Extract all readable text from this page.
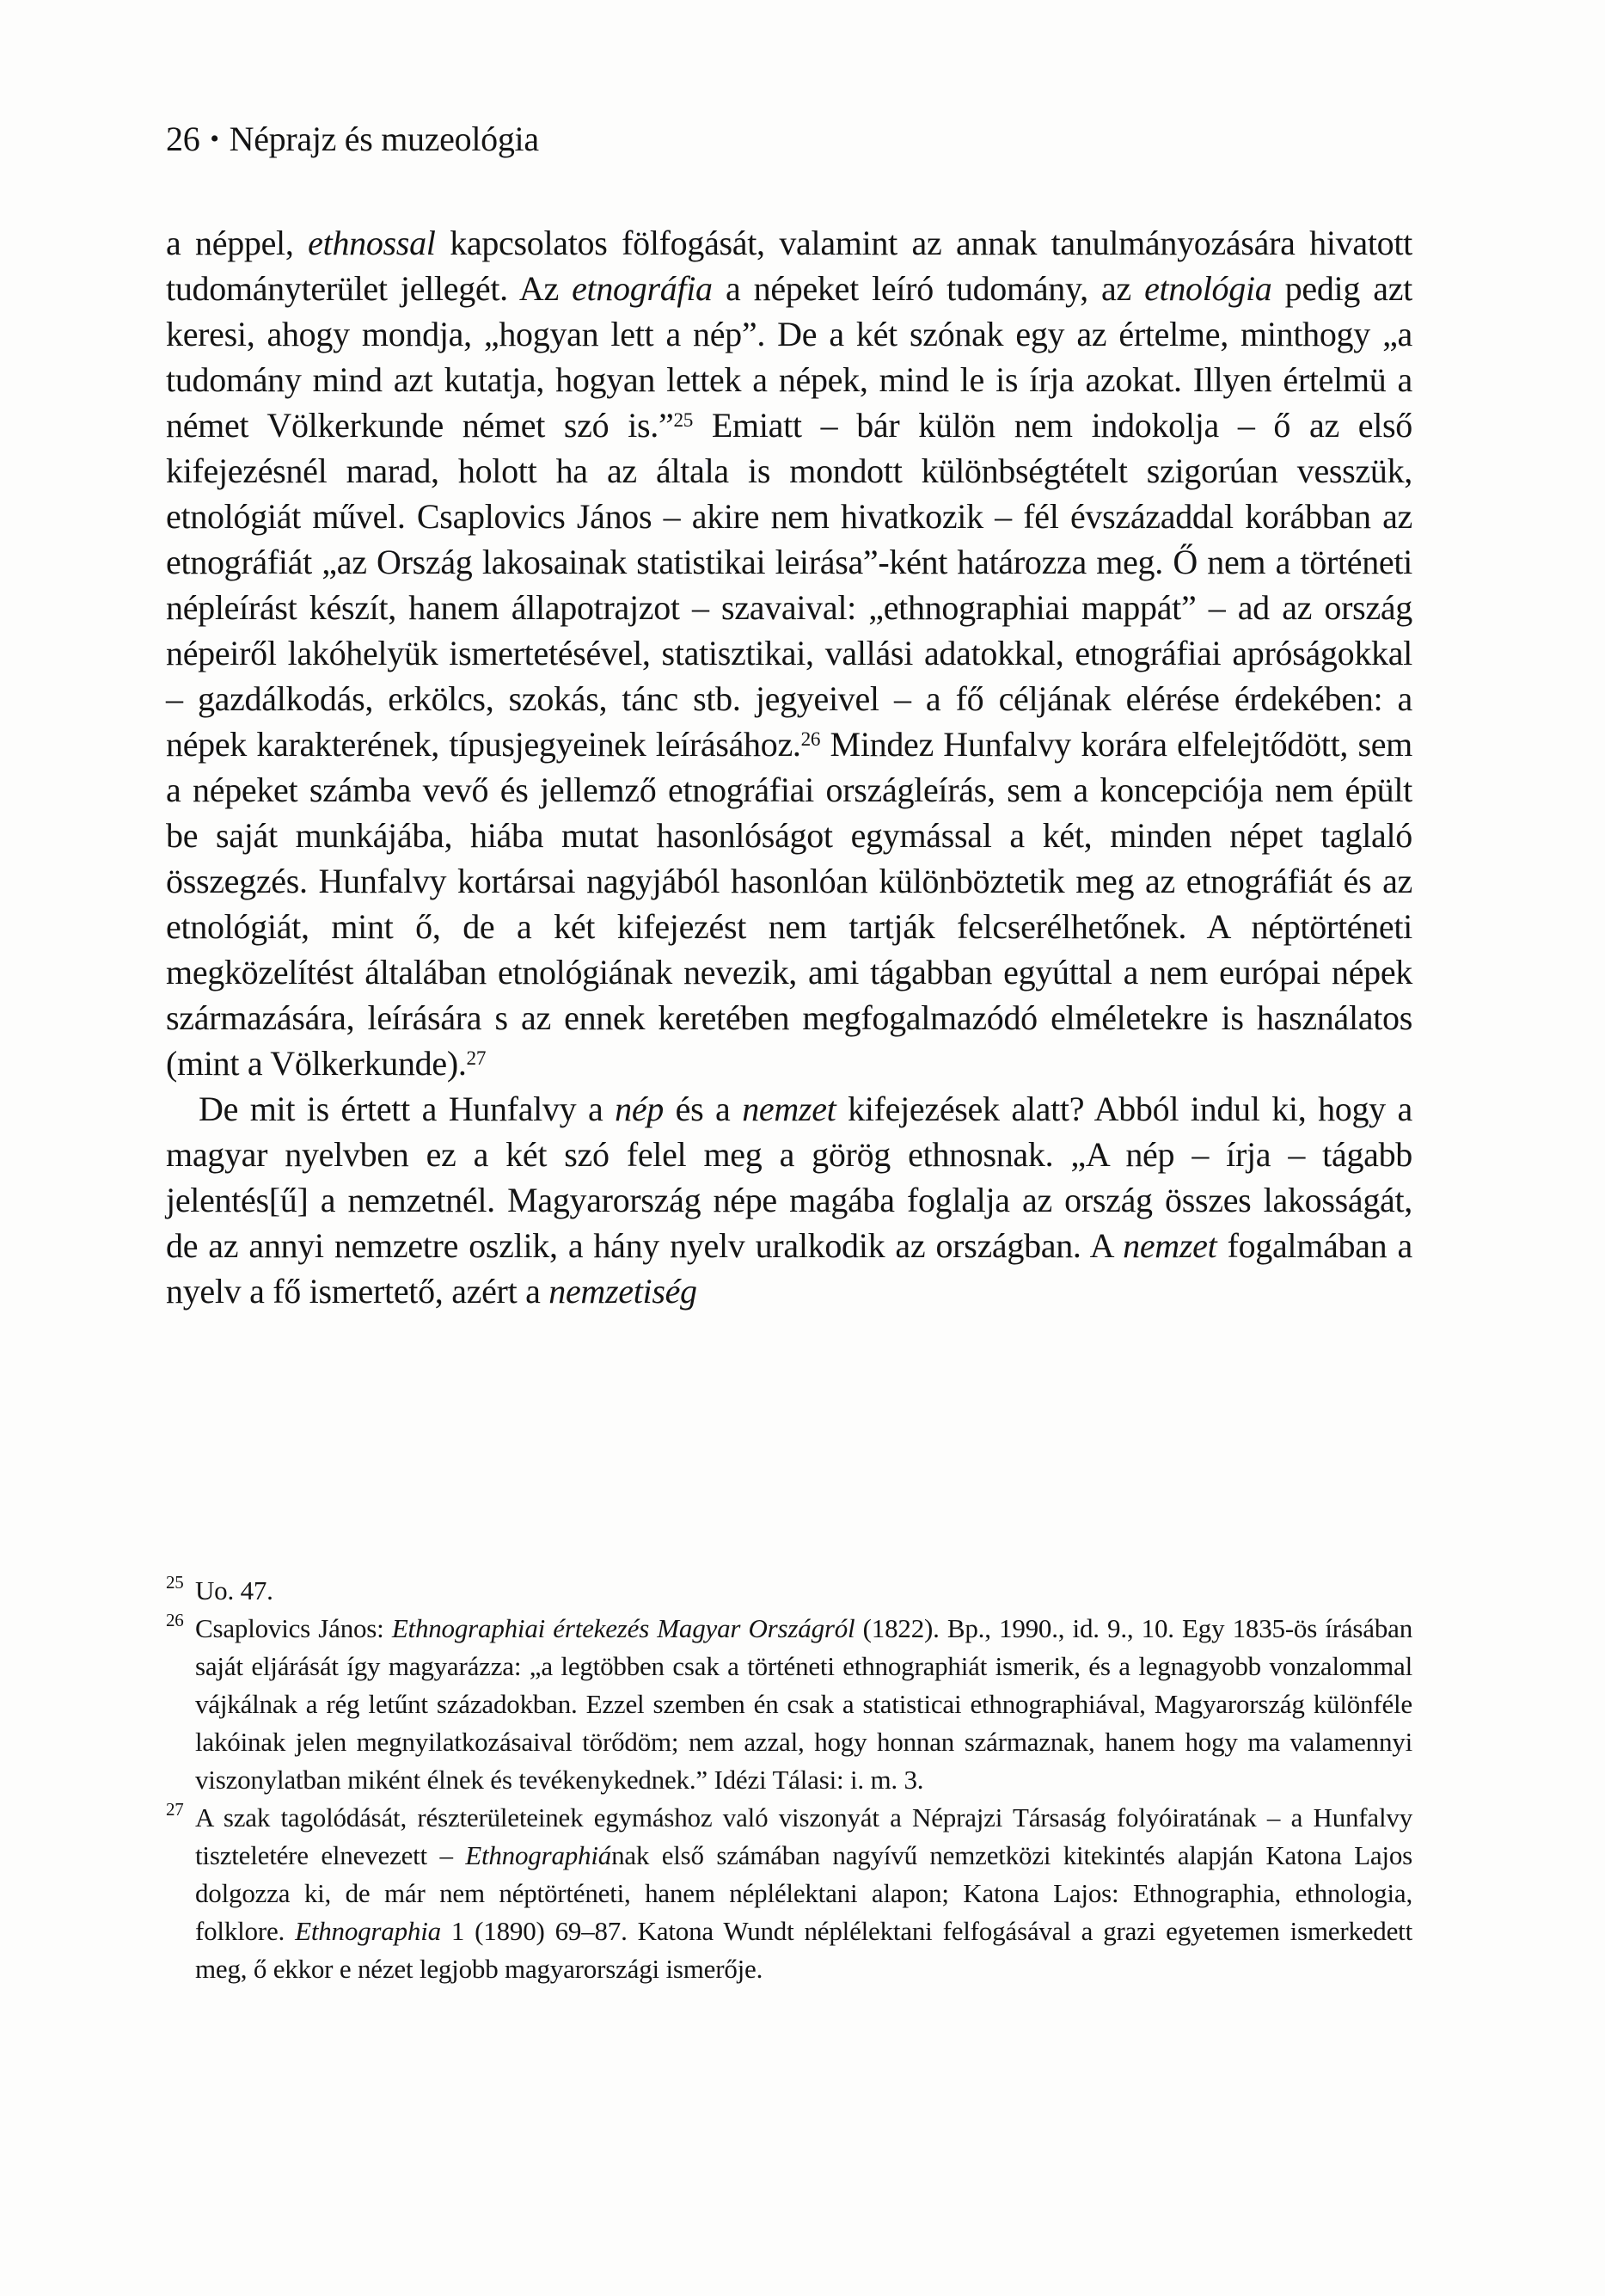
26 • Néprajz és muzeológia

a néppel, ethnossal kapcsolatos fölfogását, valamint az annak tanulmányozására hivatott tudományterület jellegét. Az etnográfia a népeket leíró tudomány, az etnológia pedig azt keresi, ahogy mondja, „hogyan lett a nép”. De a két szónak egy az értelme, minthogy „a tudomány mind azt kutatja, hogyan lettek a népek, mind le is írja azokat. Illyen értelmü a német Völkerkunde német szó is.”$^{25}$ Emiatt – bár külön nem indokolja – ő az első kifejezésnél marad, holott ha az általa is mondott különbségtételt szigorúan vesszük, etnológiát művel. Csaplovics János – akire nem hivatkozik – fél évszázaddal korábban az etnográfiát „az Ország lakosainak statistikai leirása”-ként határozza meg. Ő nem a történeti népleírást készít, hanem állapotrajzot – szavaival: „ethnographiai mappát” – ad az ország népeiről lakóhelyük ismertetésével, statisztikai, vallási adatokkal, etnográfiai apróságokkal – gazdálkodás, erkölcs, szokás, tánc stb. jegyeivel – a fő céljának elérése érdekében: a népek karakterének, típusjegyeinek leírásához.$^{26}$ Mindez Hunfalvy korára elfelejtődött, sem a népeket számba vevő és jellemző etnográfiai országleírás, sem a koncepciója nem épült be saját munkájába, hiába mutat hasonlóságot egymással a két, minden népet taglaló összegzés. Hunfalvy kortársai nagyjából hasonlóan különböztetik meg az etnográfiát és az etnológiát, mint ő, de a két kifejezést nem tartják felcserélhetőnek. A néptörténeti megközelítést általában etnológiának nevezik, ami tágabban egyúttal a nem európai népek származására, leírására s az ennek keretében megfogalmazódó elméletekre is használatos (mint a Völkerkunde).$^{27}$

De mit is értett a Hunfalvy a nép és a nemzet kifejezések alatt? Abból indul ki, hogy a magyar nyelvben ez a két szó felel meg a görög ethnosnak. „A nép – írja – tágabb jelentés[ű] a nemzetnél. Magyarország népe magába foglalja az ország összes lakosságát, de az annyi nemzetre oszlik, a hány nyelv uralkodik az országban. A nemzet fogalmában a nyelv a fő ismertető, azért a nemzetiség

25 Uo. 47.
26 Csaplovics János: Ethnographiai értekezés Magyar Országról (1822). Bp., 1990., id. 9., 10. Egy 1835-ös írásában saját eljárását így magyarázza: „a legtöbben csak a történeti ethnographiát ismerik, és a legnagyobb vonzalommal vájkálnak a rég letűnt századokban. Ezzel szemben én csak a statisticai ethnographiával, Magyarország különféle lakóinak jelen megnyilatkozásaival törődöm; nem azzal, hogy honnan származnak, hanem hogy ma valamennyi viszonylatban miként élnek és tevékenykednek.” Idézi Tálasi: i. m. 3.
27 A szak tagolódását, részterületeinek egymáshoz való viszonyát a Néprajzi Társaság folyóiratának – a Hunfalvy tiszteletére elnevezett – Ethnographiának első számában nagyívű nemzetközi kitekintés alapján Katona Lajos dolgozza ki, de már nem néptörténeti, hanem néplélektani alapon; Katona Lajos: Ethnographia, ethnologia, folklore. Ethnographia 1 (1890) 69–87. Katona Wundt néplélektani felfogásával a grazi egyetemen ismerkedett meg, ő ekkor e nézet legjobb magyarországi ismerője.
